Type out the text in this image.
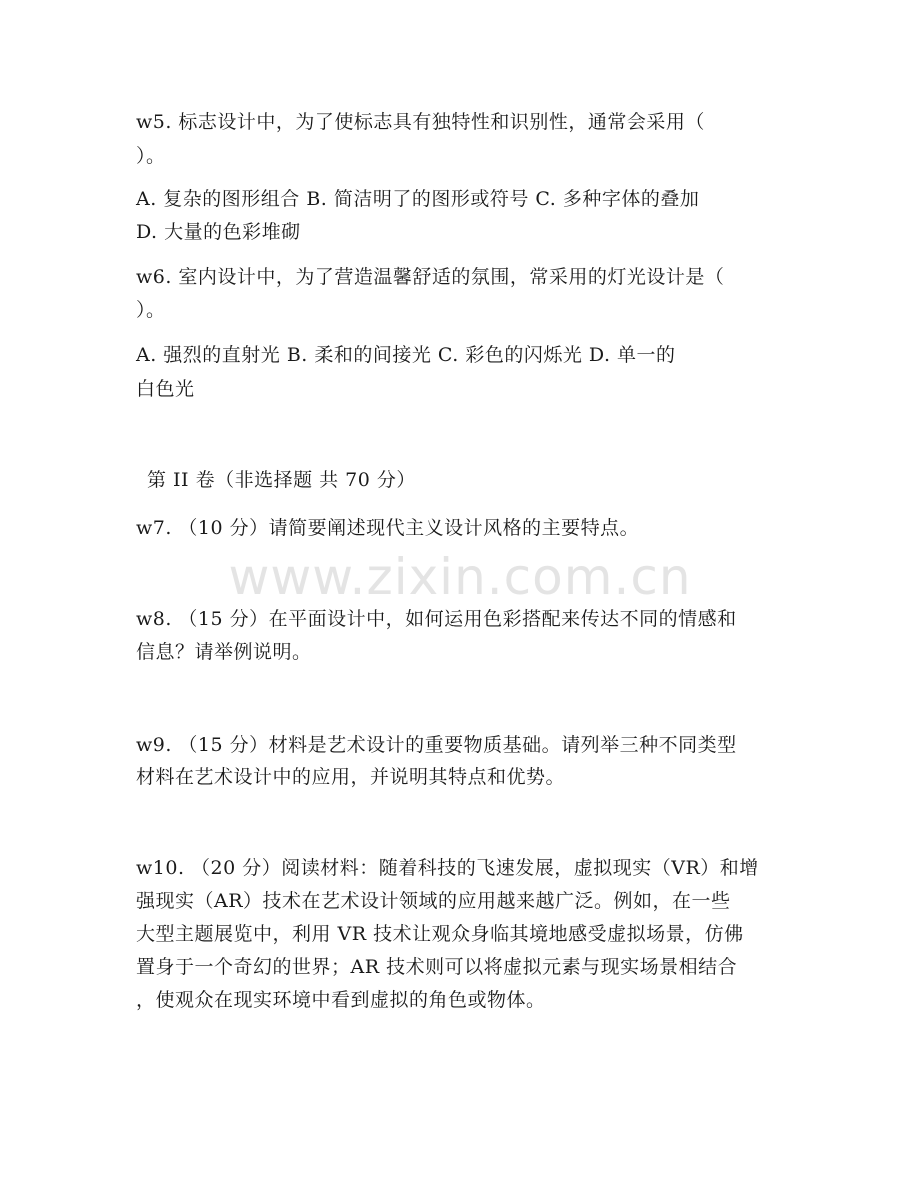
www.zixin.com.cn
w5. 标志设计中，为了使标志具有独特性和识别性，通常会采用（
）。
A. 复杂的图形组合 B. 简洁明了的图形或符号 C. 多种字体的叠加
D. 大量的色彩堆砌
w6. 室内设计中，为了营造温馨舒适的氛围，常采用的灯光设计是（
）。
A. 强烈的直射光 B. 柔和的间接光 C. 彩色的闪烁光 D. 单一的
白色光
第 II 卷（非选择题 共 70 分）
w7. （10 分）请简要阐述现代主义设计风格的主要特点。
w8. （15 分）在平面设计中，如何运用色彩搭配来传达不同的情感和
信息？请举例说明。
w9. （15 分）材料是艺术设计的重要物质基础。请列举三种不同类型
材料在艺术设计中的应用，并说明其特点和优势。
w10. （20 分）阅读材料：随着科技的飞速发展，虚拟现实（VR）和增
强现实（AR）技术在艺术设计领域的应用越来越广泛。例如，在一些
大型主题展览中，利用 VR 技术让观众身临其境地感受虚拟场景，仿佛
置身于一个奇幻的世界；AR 技术则可以将虚拟元素与现实场景相结合
，使观众在现实环境中看到虚拟的角色或物体。
